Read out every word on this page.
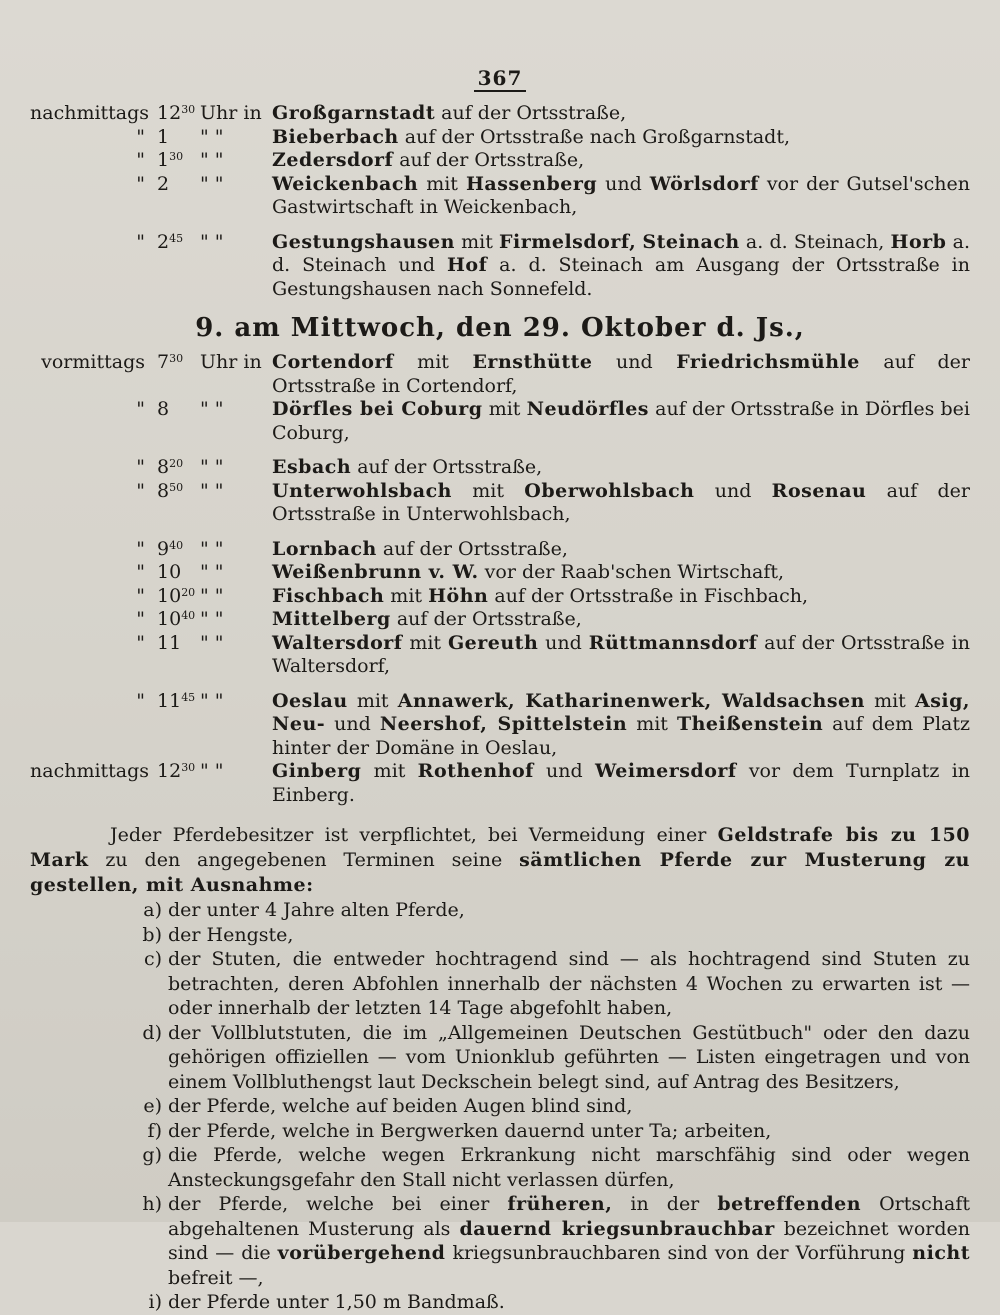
367
nachmittags $12^{30}$ Uhr in Großgarnstadt auf der Ortsstraße,
" 1	" "	Bieberbach auf der Ortsstraße nach Großgarnstadt,
" $1^{30}$ " "	Zedersdorf auf der Ortsstraße,
" 2	" "	Weickenbach mit Hassenberg und Wörlsdorf vor der Gutsel'schen Gastwirtschaft in Weickenbach,
" $2^{45}$ " "	Gestungshausen mit Firmelsdorf, Steinach a. d. Steinach, Horb a. d. Steinach und Hof a. d. Steinach am Ausgang der Ortsstraße in Gestungshausen nach Sonnefeld.
9. am Mittwoch, den 29. Oktober d. Js.,
vormittags $7^{30}$ Uhr in Cortendorf mit Ernsthütte und Friedrichsmühle auf der Ortsstraße in Cortendorf,
" 8	" "	Dörfles bei Coburg mit Neudörfles auf der Ortsstraße in Dörfles bei Coburg,
" $8^{20}$ " "	Esbach auf der Ortsstraße,
" $8^{50}$ " "	Unterwohlsbach mit Oberwohlsbach und Rosenau auf der Ortsstraße in Unterwohlsbach,
" $9^{40}$ " "	Lornbach auf der Ortsstraße,
" 10 " "	Weißenbrunn v. W. vor der Raab'schen Wirtschaft,
" $10^{20}$ " "	Fischbach mit Höhn auf der Ortsstraße in Fischbach,
" $10^{40}$ " "	Mittelberg auf der Ortsstraße,
" 11 " "	Waltersdorf mit Gereuth und Rüttmannsdorf auf der Ortsstraße in Waltersdorf,
" $11^{45}$ " "	Oeslau mit Annawerk, Katharinenwerk, Waldsachsen mit Asig, Neu- und Neershof, Spittelstein mit Theißenstein auf dem Platz hinter der Domäne in Oeslau,
nachmittags $12^{30}$ " "	Ginberg mit Rothenhof und Weimersdorf vor dem Turnplatz in Einberg.
Jeder Pferdebesitzer ist verpflichtet, bei Vermeidung einer Geldstrafe bis zu 150 Mark zu den angegebenen Terminen seine sämtlichen Pferde zur Musterung zu gestellen, mit Ausnahme:
a) der unter 4 Jahre alten Pferde,
b) der Hengste,
c) der Stuten, die entweder hochtragend sind — als hochtragend sind Stuten zu betrachten, deren Abfohlen innerhalb der nächsten 4 Wochen zu erwarten ist — oder innerhalb der letzten 14 Tage abgefohlt haben,
d) der Vollblutstuten, die im „Allgemeinen Deutschen Gestütbuch" oder den dazu gehörigen offiziellen — vom Unionklub geführten — Listen eingetragen und von einem Vollbluthengst laut Deckschein belegt sind, auf Antrag des Besitzers,
e) der Pferde, welche auf beiden Augen blind sind,
f) der Pferde, welche in Bergwerken dauernd unter Ta; arbeiten,
g) die Pferde, welche wegen Erkrankung nicht marschfähig sind oder wegen Ansteckungsgefahr den Stall nicht verlassen dürfen,
h) der Pferde, welche bei einer früheren, in der betreffenden Ortschaft abgehaltenen Musterung als dauernd kriegsunbrauchbar bezeichnet worden sind — die vorübergehend kriegsunbrauchbaren sind von der Vorführung nicht befreit —,
i) der Pferde unter 1,50 m Bandmaß.
